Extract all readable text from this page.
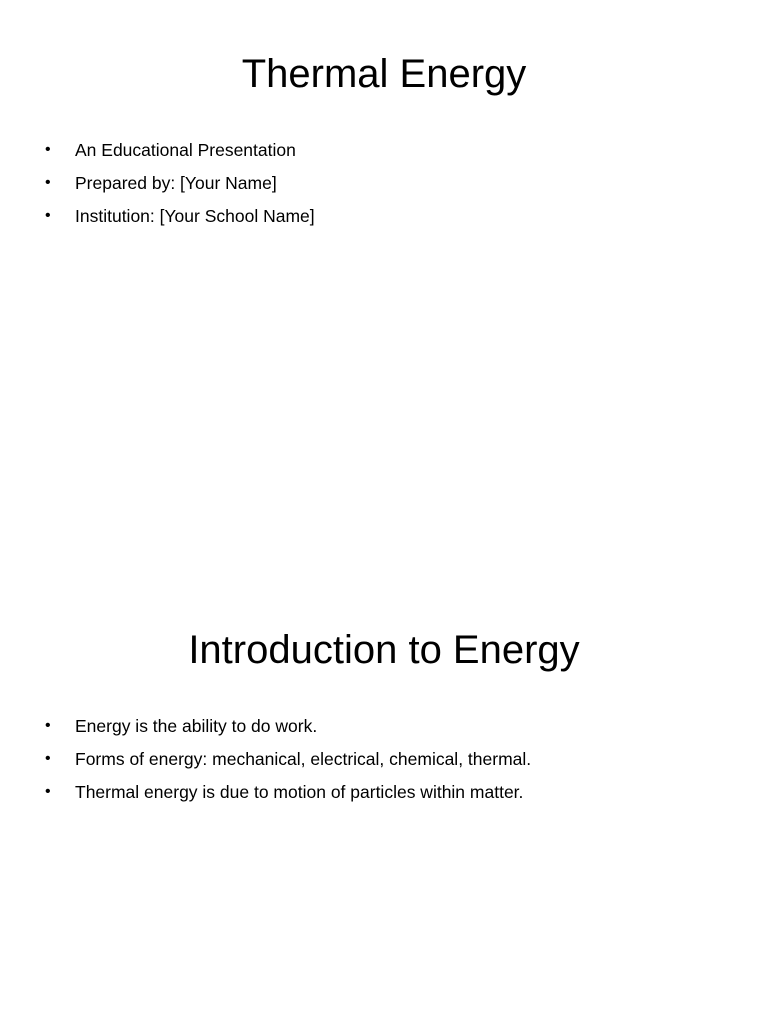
Thermal Energy
• An Educational Presentation
• Prepared by: [Your Name]
• Institution: [Your School Name]
Introduction to Energy
• Energy is the ability to do work.
• Forms of energy: mechanical, electrical, chemical, thermal.
• Thermal energy is due to motion of particles within matter.
